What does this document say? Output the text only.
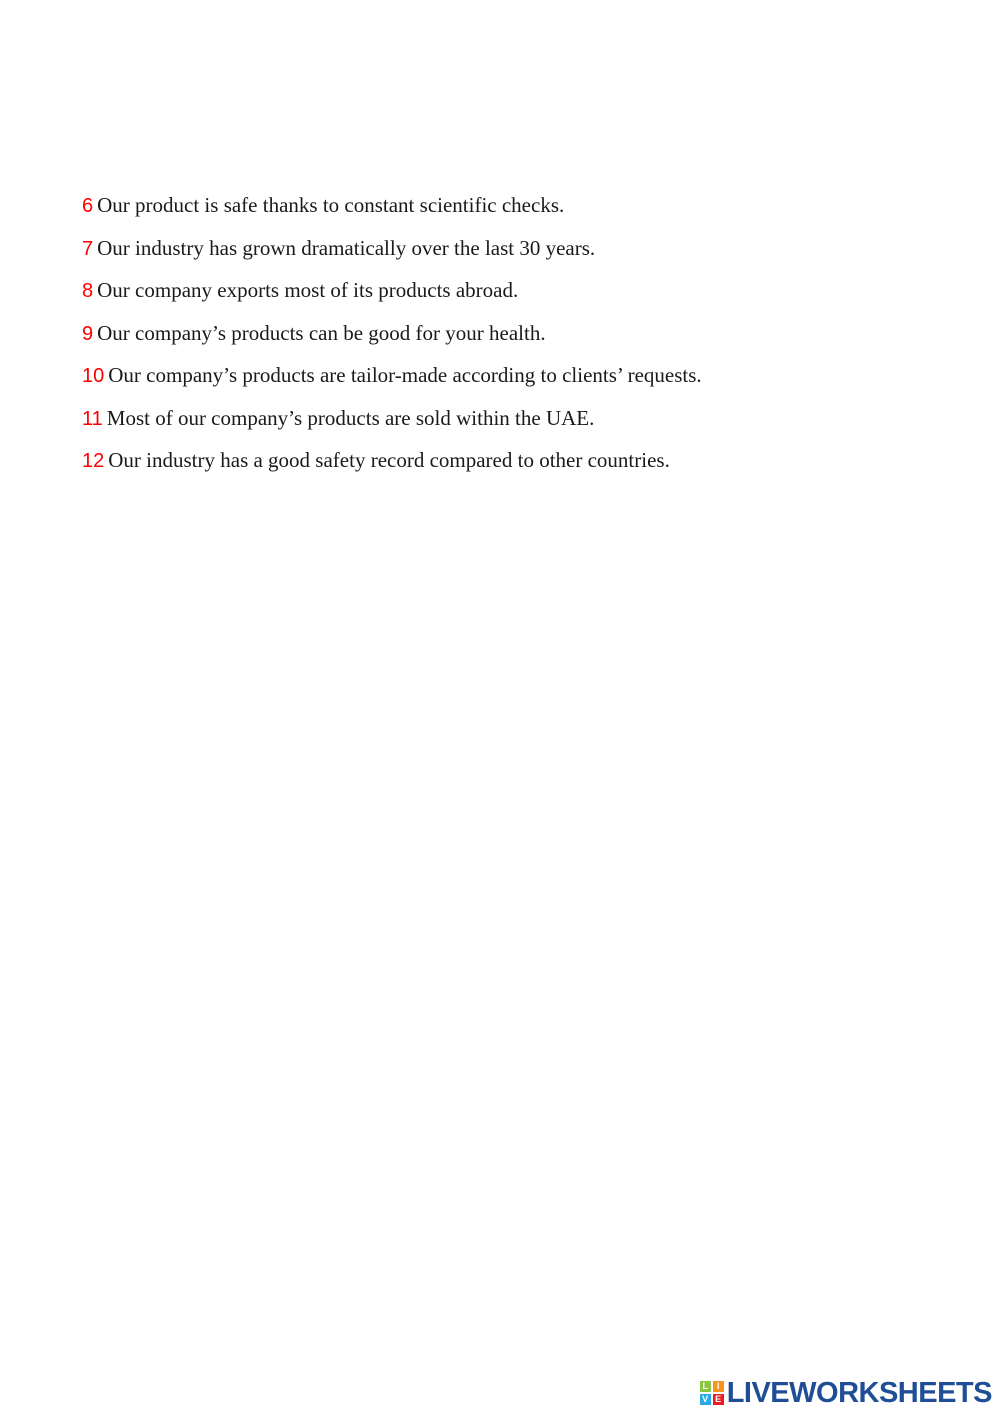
6 Our product is safe thanks to constant scientific checks.
7 Our industry has grown dramatically over the last 30 years.
8 Our company exports most of its products abroad.
9 Our company’s products can be good for your health.
10 Our company’s products are tailor-made according to clients’ requests.
11 Most of our company’s products are sold within the UAE.
12 Our industry has a good safety record compared to other countries.
L I
V E LIVEWORKSHEETS
